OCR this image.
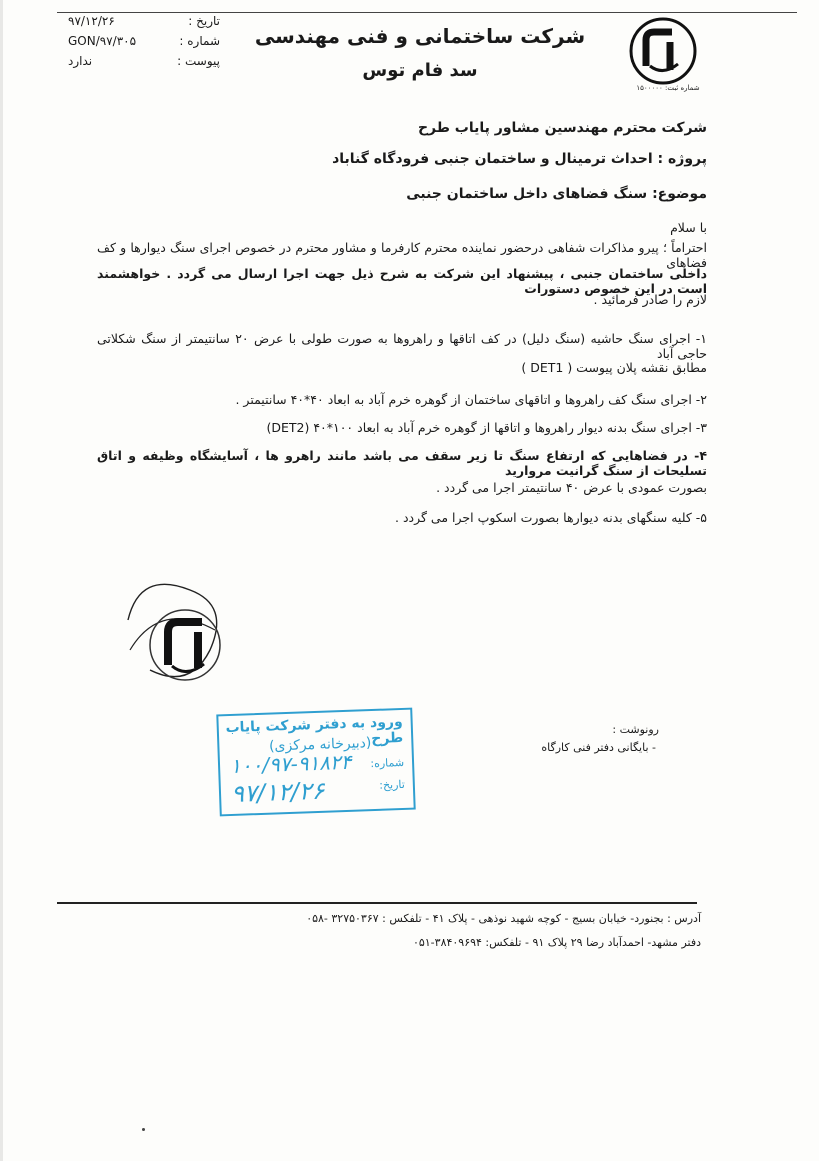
تاریخ :
۹۷/۱۲/۲۶
شماره :
GON/۹۷/۳۰۵
پیوست :
ندارد
شرکت ساختمانی و فنی مهندسی
سد فام توس
شماره ثبت: ۱۵۰۰۰۰۰
شرکت محترم مهندسین مشاور پایاب طرح
پروژه : احداث ترمینال و ساختمان جنبی فرودگاه گناباد
موضوع: سنگ فضاهای داخل ساختمان جنبی
با سلام
احتراماً ؛ پیرو مذاکرات شفاهی درحضور نماینده محترم کارفرما و مشاور محترم در خصوص اجرای سنگ دیوارها و کف فضاهای
داخلی ساختمان جنبی ، پیشنهاد این شرکت به شرح ذیل جهت اجرا ارسال می گردد . خواهشمند است در این خصوص دستورات
لازم را صادر فرمائید .
۱- اجرای سنگ حاشیه (سنگ دلیل) در کف اتاقها و راهروها به صورت طولی با عرض ۲۰ سانتیمتر از سنگ شکلاتی حاجی آباد
مطابق نقشه پلان پیوست ( DET1 )
۲- اجرای سنگ کف راهروها و اتاقهای ساختمان از گوهره خرم آباد به ابعاد ۴۰*۴۰ سانتیمتر .
۳- اجرای سنگ بدنه دیوار راهروها و اتاقها از گوهره خرم آباد به ابعاد ۱۰۰*۴۰ (DET2)
۴- در فضاهایی که ارتفاع سنگ تا زیر سقف می باشد مانند راهرو ها ، آسایشگاه وظیفه و اتاق تسلیحات از سنگ گرانیت مرواريد
بصورت عمودی با عرض ۴۰ سانتیمتر اجرا می گردد .
۵- کلیه سنگهای بدنه دیوارها بصورت اسکوپ اجرا می گردد .
ورود به دفتر شرکت پایاب طرح
(دبیرخانه مرکزی)
شماره:
۱۰۰/۹۷-۹۱۸۲۴
تاریخ:
۹۷/۱۲/۲۶
رونوشت :
- بایگانی دفتر فنی کارگاه
آدرس : بجنورد- خیابان بسیج - کوچه شهید نوذهی - پلاک ۴۱ - تلفکس : ۳۲۷۵۰۳۶۷ -۰۵۸
دفتر مشهد- احمدآباد رضا ۲۹ پلاک ۹۱ - تلفکس: ۳۸۴۰۹۶۹۴-۰۵۱
